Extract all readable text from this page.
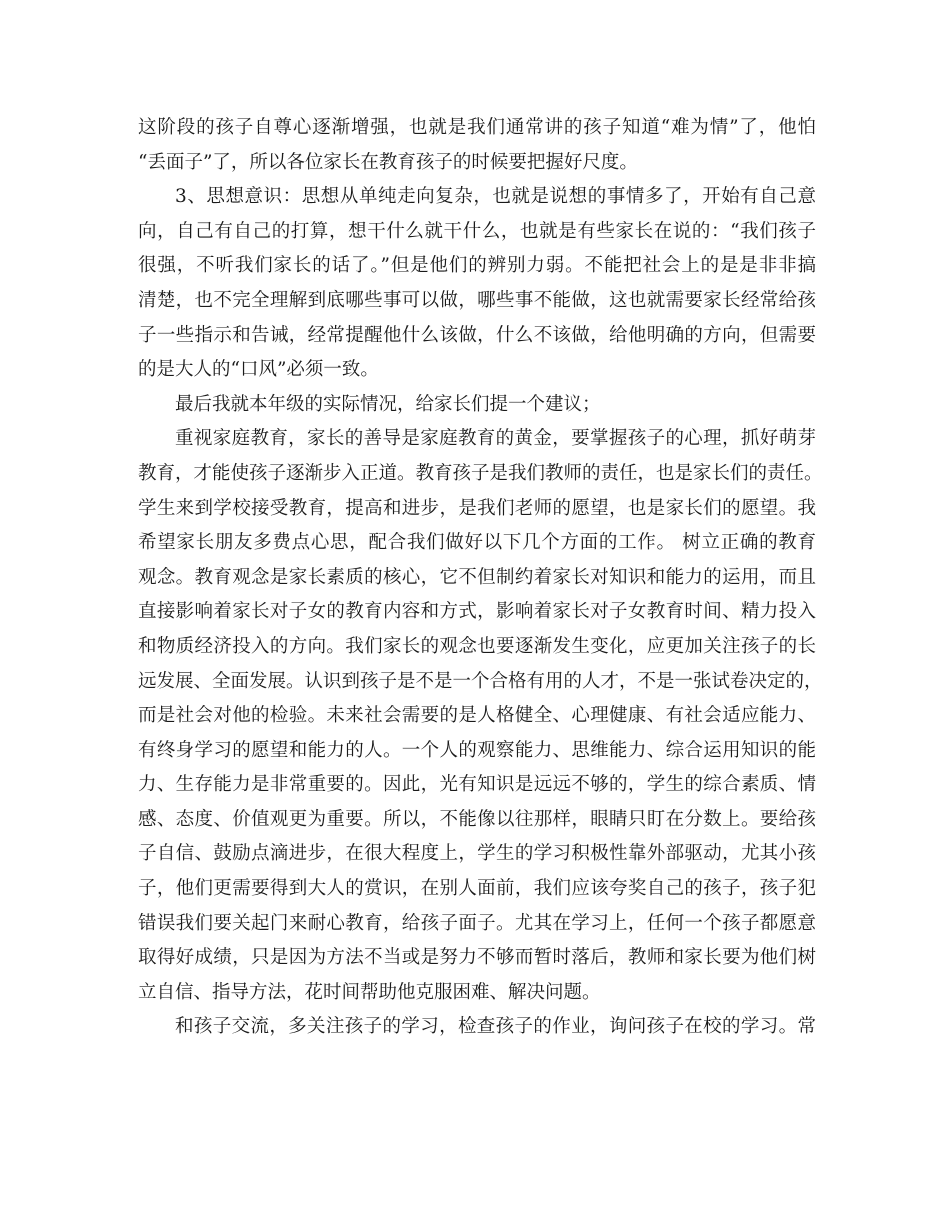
这阶段的孩子自尊心逐渐增强，也就是我们通常讲的孩子知道“难为情”了，他怕
“丢面子”了，所以各位家长在教育孩子的时候要把握好尺度。
3、思想意识：思想从单纯走向复杂，也就是说想的事情多了，开始有自己意
向，自己有自己的打算，想干什么就干什么，也就是有些家长在说的：“我们孩子
很强，不听我们家长的话了。”但是他们的辨别力弱。不能把社会上的是是非非搞
清楚，也不完全理解到底哪些事可以做，哪些事不能做，这也就需要家长经常给孩
子一些指示和告诫，经常提醒他什么该做，什么不该做，给他明确的方向，但需要
的是大人的“口风”必须一致。
最后我就本年级的实际情况，给家长们提一个建议；
重视家庭教育，家长的善导是家庭教育的黄金，要掌握孩子的心理，抓好萌芽
教育，才能使孩子逐渐步入正道。教育孩子是我们教师的责任，也是家长们的责任。
学生来到学校接受教育，提高和进步，是我们老师的愿望，也是家长们的愿望。我
希望家长朋友多费点心思，配合我们做好以下几个方面的工作。 树立正确的教育
观念。教育观念是家长素质的核心，它不但制约着家长对知识和能力的运用，而且
直接影响着家长对子女的教育内容和方式，影响着家长对子女教育时间、精力投入
和物质经济投入的方向。我们家长的观念也要逐渐发生变化，应更加关注孩子的长
远发展、全面发展。认识到孩子是不是一个合格有用的人才，不是一张试卷决定的，
而是社会对他的检验。未来社会需要的是人格健全、心理健康、有社会适应能力、
有终身学习的愿望和能力的人。一个人的观察能力、思维能力、综合运用知识的能
力、生存能力是非常重要的。因此，光有知识是远远不够的，学生的综合素质、情
感、态度、价值观更为重要。所以，不能像以往那样，眼睛只盯在分数上。要给孩
子自信、鼓励点滴进步，在很大程度上，学生的学习积极性靠外部驱动，尤其小孩
子，他们更需要得到大人的赏识，在别人面前，我们应该夸奖自己的孩子，孩子犯
错误我们要关起门来耐心教育，给孩子面子。尤其在学习上，任何一个孩子都愿意
取得好成绩，只是因为方法不当或是努力不够而暂时落后，教师和家长要为他们树
立自信、指导方法，花时间帮助他克服困难、解决问题。
和孩子交流，多关注孩子的学习，检查孩子的作业，询问孩子在校的学习。常
